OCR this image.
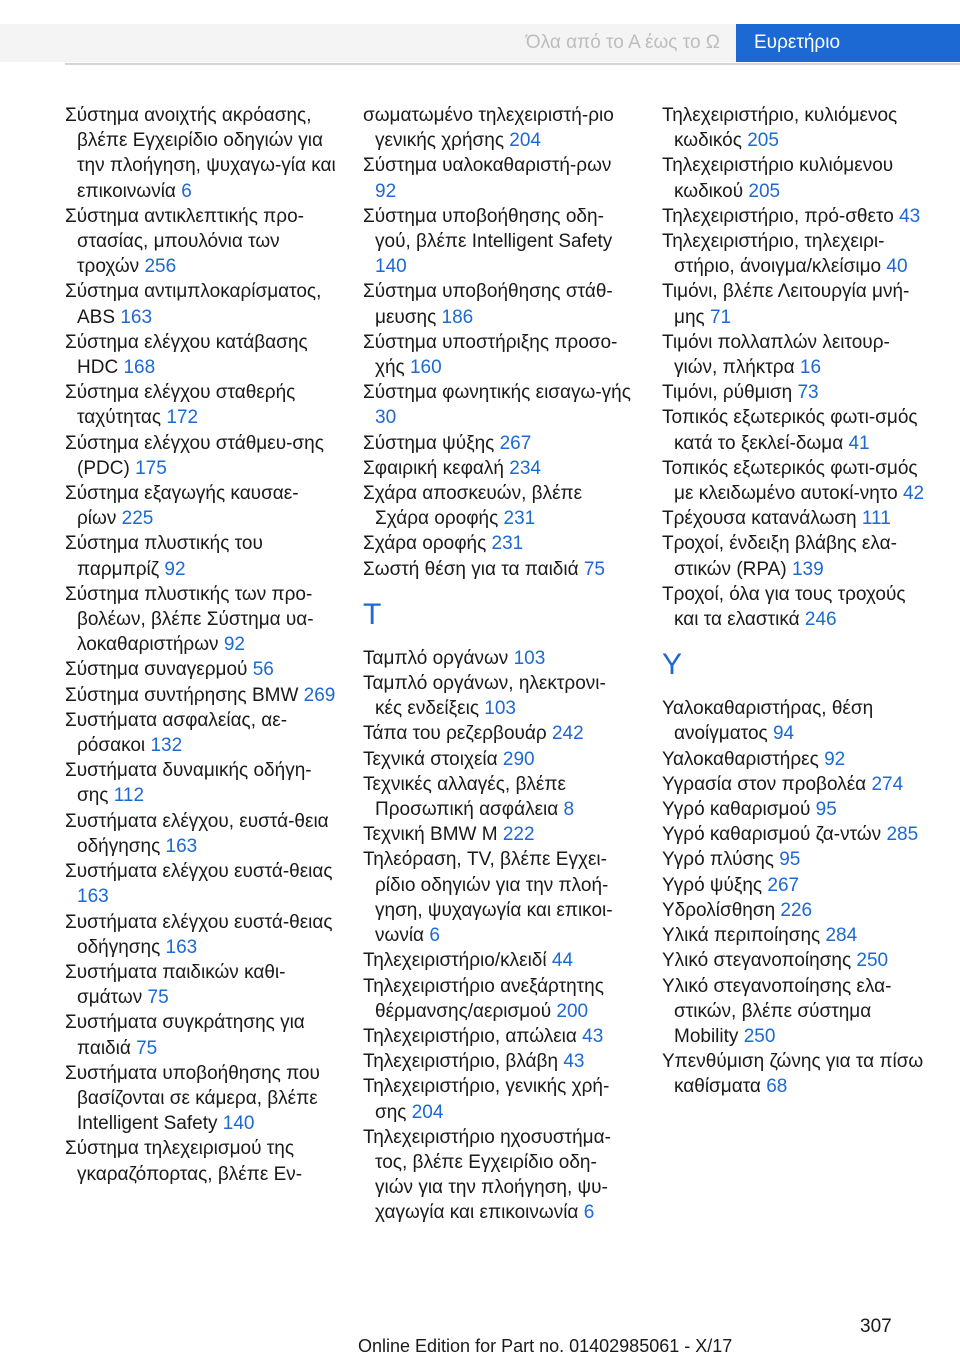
Όλα από το Α έως το Ω	Ευρετήριο

Σύστημα ανοιχτής ακρόασης, βλέπε Εγχειρίδιο οδηγιών για την πλοήγηση, ψυχαγω‐γία και επικοινωνία 6

Σύστημα αντικλεπτικής προ‐στασίας, μπουλόνια των τροχών 256

Σύστημα αντιμπλοκαρίσματος, ABS 163

Σύστημα ελέγχου κατάβασης HDC 168

Σύστημα ελέγχου σταθερής ταχύτητας 172

Σύστημα ελέγχου στάθμευ‐σης (PDC) 175

Σύστημα εξαγωγής καυσαε‐ρίων 225

Σύστημα πλυστικής του παρμπρίζ 92

Σύστημα πλυστικής των προ‐βολέων, βλέπε Σύστημα υα‐λοκαθαριστήρων 92

Σύστημα συναγερμού 56

Σύστημα συντήρησης BMW 269

Συστήματα ασφαλείας, αε‐ρόσακοι 132

Συστήματα δυναμικής οδήγη‐σης 112

Συστήματα ελέγχου, ευστά‐θεια οδήγησης 163

Συστήματα ελέγχου ευστά‐θειας 163

Συστήματα ελέγχου ευστά‐θειας οδήγησης 163

Συστήματα παιδικών καθι‐σμάτων 75

Συστήματα συγκράτησης για παιδιά 75

Συστήματα υποβοήθησης που βασίζονται σε κάμερα, βλέπε Intelligent Safety 140

Σύστημα τηλεχειρισμού της γκαραζόπορτας, βλέπε Εν‐

σωματωμένο τηλεχειριστή‐ριο γενικής χρήσης 204

Σύστημα υαλοκαθαριστή‐ρων 92

Σύστημα υποβοήθησης οδη‐γού, βλέπε Intelligent Safety 140

Σύστημα υποβοήθησης στάθ‐μευσης 186

Σύστημα υποστήριξης προσο‐χής 160

Σύστημα φωνητικής εισαγω‐γής 30

Σύστημα ψύξης 267

Σφαιρική κεφαλή 234

Σχάρα αποσκευών, βλέπε Σχάρα οροφής 231

Σχάρα οροφής 231

Σωστή θέση για τα παιδιά 75

Τ

Ταμπλό οργάνων 103

Ταμπλό οργάνων, ηλεκτρονι‐κές ενδείξεις 103

Τάπα του ρεζερβουάρ 242

Τεχνικά στοιχεία 290

Τεχνικές αλλαγές, βλέπε Προσωπική ασφάλεια 8

Τεχνική BMW M 222

Τηλεόραση, TV, βλέπε Εγχει‐ρίδιο οδηγιών για την πλοή‐γηση, ψυχαγωγία και επικοι‐νωνία 6

Τηλεχειριστήριο/κλειδί 44

Τηλεχειριστήριο ανεξάρτητης θέρμανσης/αερισμού 200

Τηλεχειριστήριο, απώλεια 43

Τηλεχειριστήριο, βλάβη 43

Τηλεχειριστήριο, γενικής χρή‐σης 204

Τηλεχειριστήριο ηχοσυστήμα‐τος, βλέπε Εγχειρίδιο οδη‐γιών για την πλοήγηση, ψυ‐χαγωγία και επικοινωνία 6

Τηλεχειριστήριο, κυλιόμενος κωδικός 205

Τηλεχειριστήριο κυλιόμενου κωδικού 205

Τηλεχειριστήριο, πρό‐σθετο 43

Τηλεχειριστήριο, τηλεχειρι‐στήριο, άνοιγμα/κλείσιμο 40

Τιμόνι, βλέπε Λειτουργία μνή‐μης 71

Τιμόνι πολλαπλών λειτουρ‐γιών, πλήκτρα 16

Τιμόνι, ρύθμιση 73

Τοπικός εξωτερικός φωτι‐σμός κατά το ξεκλεί‐δωμα 41

Τοπικός εξωτερικός φωτι‐σμός με κλειδωμένο αυτοκί‐νητο 42

Τρέχουσα κατανάλωση 111

Τροχοί, ένδειξη βλάβης ελα‐στικών (RPA) 139

Τροχοί, όλα για τους τροχούς και τα ελαστικά 246

Υ

Υαλοκαθαριστήρας, θέση ανοίγματος 94

Υαλοκαθαριστήρες 92

Υγρασία στον προβολέα 274

Υγρό καθαρισμού 95

Υγρό καθαρισμού ζα‐ντών 285

Υγρό πλύσης 95

Υγρό ψύξης 267

Υδρολίσθηση 226

Υλικά περιποίησης 284

Υλικό στεγανοποίησης 250

Υλικό στεγανοποίησης ελα‐στικών, βλέπε σύστημα Mobility 250

Υπενθύμιση ζώνης για τα πίσω καθίσματα 68

307
Online Edition for Part no. 01402985061 - X/17
